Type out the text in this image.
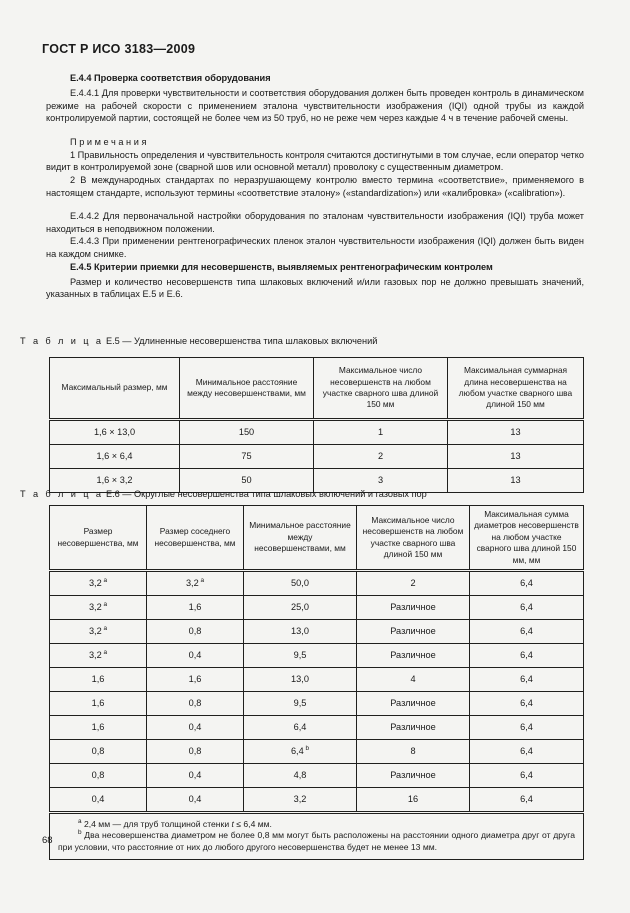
ГОСТ Р ИСО 3183—2009
E.4.4 Проверка соответствия оборудования

E.4.4.1 Для проверки чувствительности и соответствия оборудования должен быть проведен контроль в динамическом режиме на рабочей скорости с применением эталона чувствительности изображения (IQI) одной трубы из каждой контролируемой партии, состоящей не более чем из 50 труб, но не реже чем через каждые 4 ч в течение рабочей смены.

Примечания

1 Правильность определения и чувствительность контроля считаются достигнутыми в том случае, если оператор четко видит в контролируемой зоне (сварной шов или основной металл) проволоку с существенным диаметром.

2 В международных стандартах по неразрушающему контролю вместо термина «соответствие», применяемого в настоящем стандарте, используют термины «соответствие эталону» («standardization») или «калибровка» («calibration»).

E.4.4.2 Для первоначальной настройки оборудования по эталонам чувствительности изображения (IQI) труба может находиться в неподвижном положении.

E.4.4.3 При применении рентгенографических пленок эталон чувствительности изображения (IQI) должен быть виден на каждом снимке.

E.4.5 Критерии приемки для несовершенств, выявляемых рентгенографическим контролем

Размер и количество несовершенств типа шлаковых включений и/или газовых пор не должно превышать значений, указанных в таблицах E.5 и E.6.

Т а б л и ц а E.5 — Удлиненные несовершенства типа шлаковых включений
Максимальный размер, мм	Минимальное расстояние между несовершенствами, мм	Максимальное число несовершенств на любом участке сварного шва длиной 150 мм	Максимальная суммарная длина несовершенства на любом участке сварного шва длиной 150 мм
1,6 × 13,0	150	1	13
1,6 × 6,4	75	2	13
1,6 × 3,2	50	3	13
Т а б л и ц а E.6 — Округлые несовершенства типа шлаковых включений и газовых пор
Размер несовершенства, мм	Размер соседнего несовершенства, мм	Минимальное расстояние между несовершенствами, мм	Максимальное число несовершенств на любом участке сварного шва длиной 150 мм	Максимальная сумма диаметров несовершенств на любом участке сварного шва длиной 150 мм, мм
3,2 $^a$	3,2 $^a$	50,0	2	6,4
3,2 $^a$	1,6	25,0	Различное	6,4
3,2 $^a$	0,8	13,0	Различное	6,4
3,2 $^a$	0,4	9,5	Различное	6,4
1,6	1,6	13,0	4	6,4
1,6	0,8	9,5	Различное	6,4
1,6	0,4	6,4	Различное	6,4
0,8	0,8	6,4 $^b$	8	6,4
0,8	0,4	4,8	Различное	6,4
0,4	0,4	3,2	16	6,4

$^a$ 2,4 мм — для труб толщиной стенки t ≤ 6,4 мм.

$^b$ Два несовершенства диаметром не более 0,8 мм могут быть расположены на расстоянии одного диаметра друг от друга при условии, что расстояние от них до любого другого несовершенства будет не менее 13 мм.				

68
